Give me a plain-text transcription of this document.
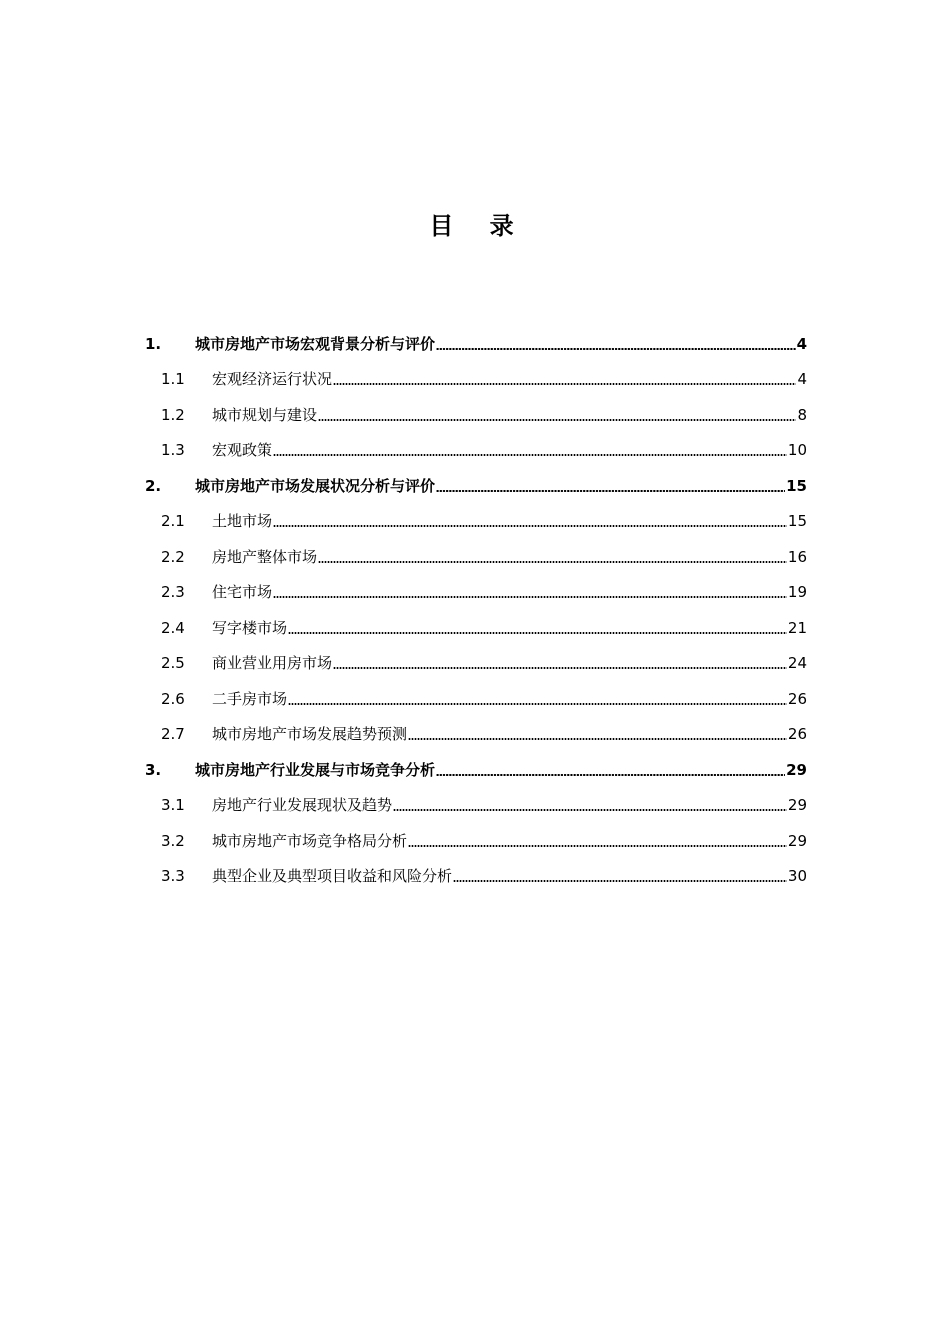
目 录
1.	城市房地产市场宏观背景分析与评价	4
1.1	宏观经济运行状况	4
1.2	城市规划与建设	8
1.3	宏观政策	10
2.	城市房地产市场发展状况分析与评价	15
2.1	土地市场	15
2.2	房地产整体市场	16
2.3	住宅市场	19
2.4	写字楼市场	21
2.5	商业营业用房市场	24
2.6	二手房市场	26
2.7	城市房地产市场发展趋势预测	26
3.	城市房地产行业发展与市场竞争分析	29
3.1	房地产行业发展现状及趋势	29
3.2	城市房地产市场竞争格局分析	29
3.3	典型企业及典型项目收益和风险分析	30
